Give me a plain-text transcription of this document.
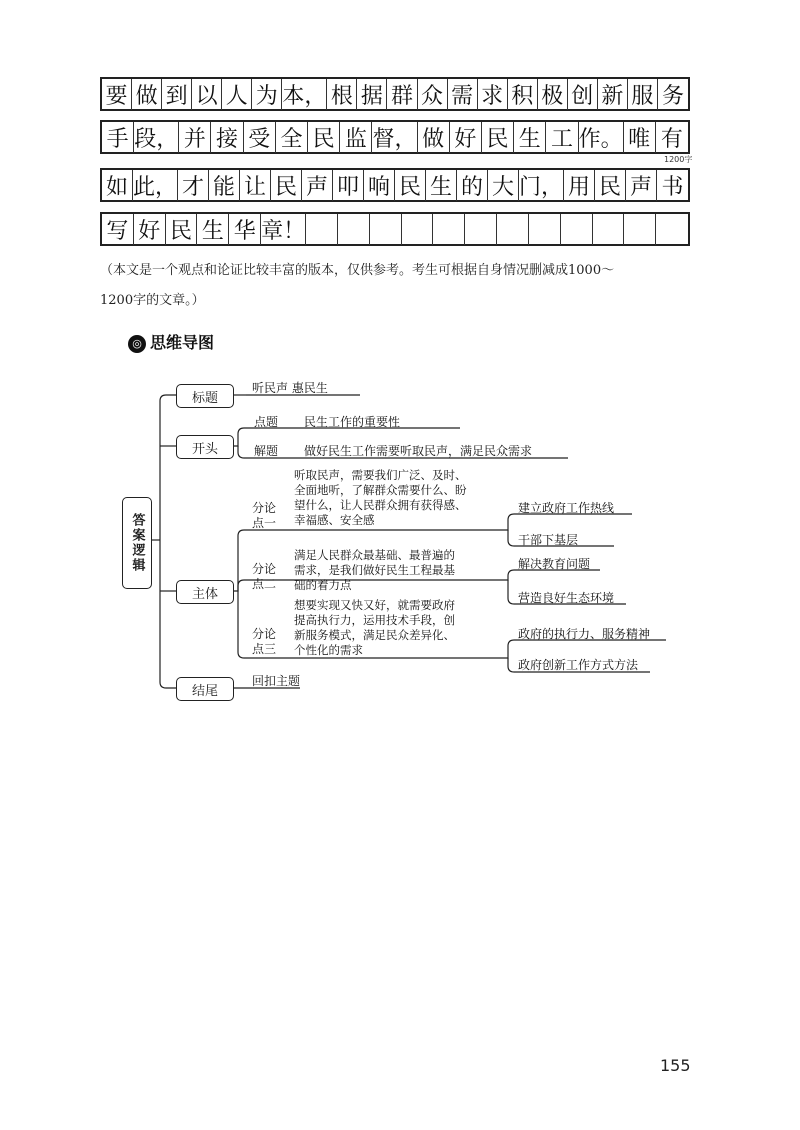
要 做 到 以 人 为 本， 根 据 群 众 需 求 积 极 创 新 服 务
手 段， 并 接 受 全 民 监 督， 做 好 民 生 工 作。 唯 有
1200字
如 此， 才 能 让 民 声 叩 响 民 生 的 大 门， 用 民 声 书
写 好 民 生 华 章！
（本文是一个观点和论证比较丰富的版本，仅供参考。考生可根据自身情况删减成1000～
1200字的文章。）
◎ 思维导图
答案逻辑
标题
开头
主体
结尾
听民声 惠民生
点题 民生工作的重要性
解题 做好民生工作需要听取民声，满足民众需求
分论
点一
听取民声，需要我们广泛、及时、
全面地听，了解群众需要什么、盼
望什么，让人民群众拥有获得感、
幸福感、安全感
建立政府工作热线
干部下基层
分论
点二
满足人民群众最基础、最普遍的
需求，是我们做好民生工程最基
础的着力点
解决教育问题
营造良好生态环境
分论
点三
想要实现又快又好，就需要政府
提高执行力，运用技术手段，创
新服务模式，满足民众差异化、
个性化的需求
政府的执行力、服务精神
政府创新工作方式方法
回扣主题
155
